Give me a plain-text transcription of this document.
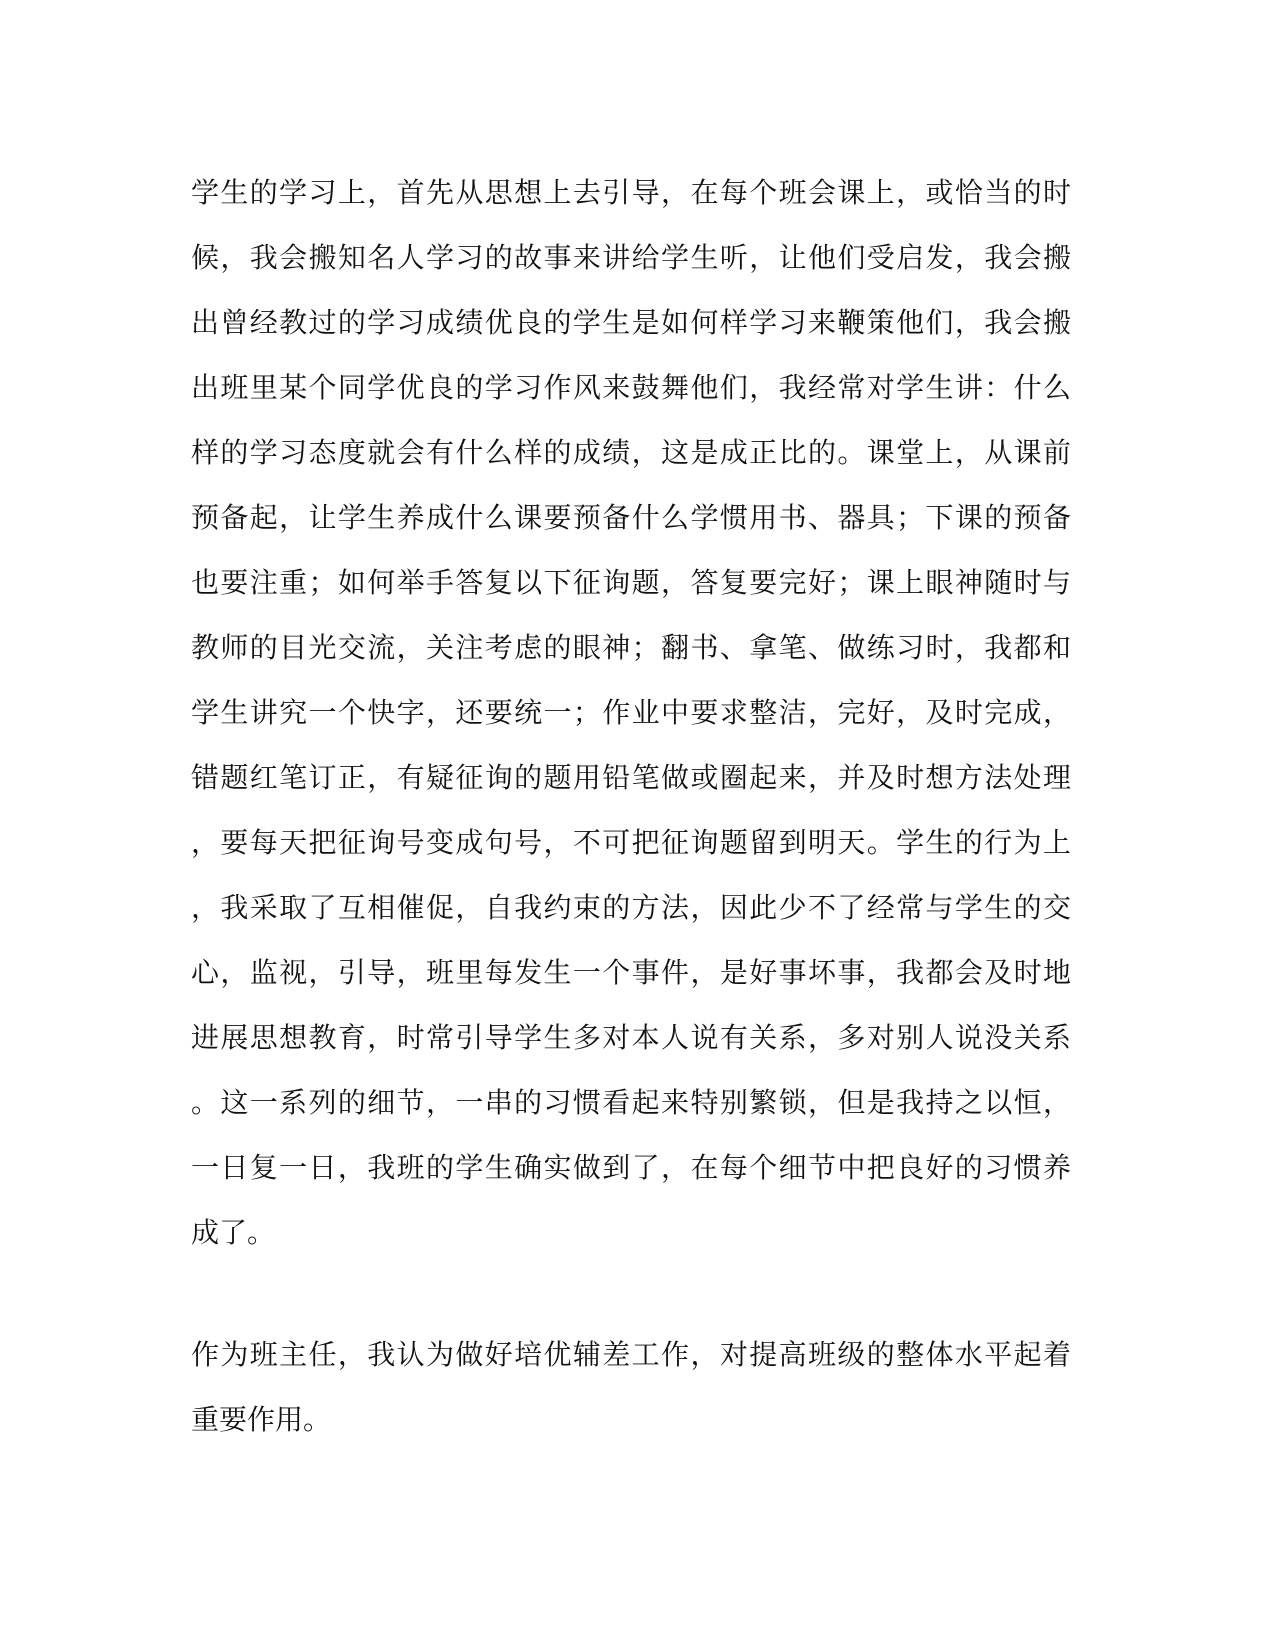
学生的学习上，首先从思想上去引导，在每个班会课上，或恰当的时
候，我会搬知名人学习的故事来讲给学生听，让他们受启发，我会搬
出曾经教过的学习成绩优良的学生是如何样学习来鞭策他们，我会搬
出班里某个同学优良的学习作风来鼓舞他们，我经常对学生讲：什么
样的学习态度就会有什么样的成绩，这是成正比的。课堂上，从课前
预备起，让学生养成什么课要预备什么学惯用书、器具；下课的预备
也要注重；如何举手答复以下征询题，答复要完好；课上眼神随时与
教师的目光交流，关注考虑的眼神；翻书、拿笔、做练习时，我都和
学生讲究一个快字，还要统一；作业中要求整洁，完好，及时完成，
错题红笔订正，有疑征询的题用铅笔做或圈起来，并及时想方法处理
，要每天把征询号变成句号，不可把征询题留到明天。学生的行为上
，我采取了互相催促，自我约束的方法，因此少不了经常与学生的交
心，监视，引导，班里每发生一个事件，是好事坏事，我都会及时地
进展思想教育，时常引导学生多对本人说有关系，多对别人说没关系
。这一系列的细节，一串的习惯看起来特别繁锁，但是我持之以恒，
一日复一日，我班的学生确实做到了，在每个细节中把良好的习惯养
成了。
作为班主任，我认为做好培优辅差工作，对提高班级的整体水平起着
重要作用。
